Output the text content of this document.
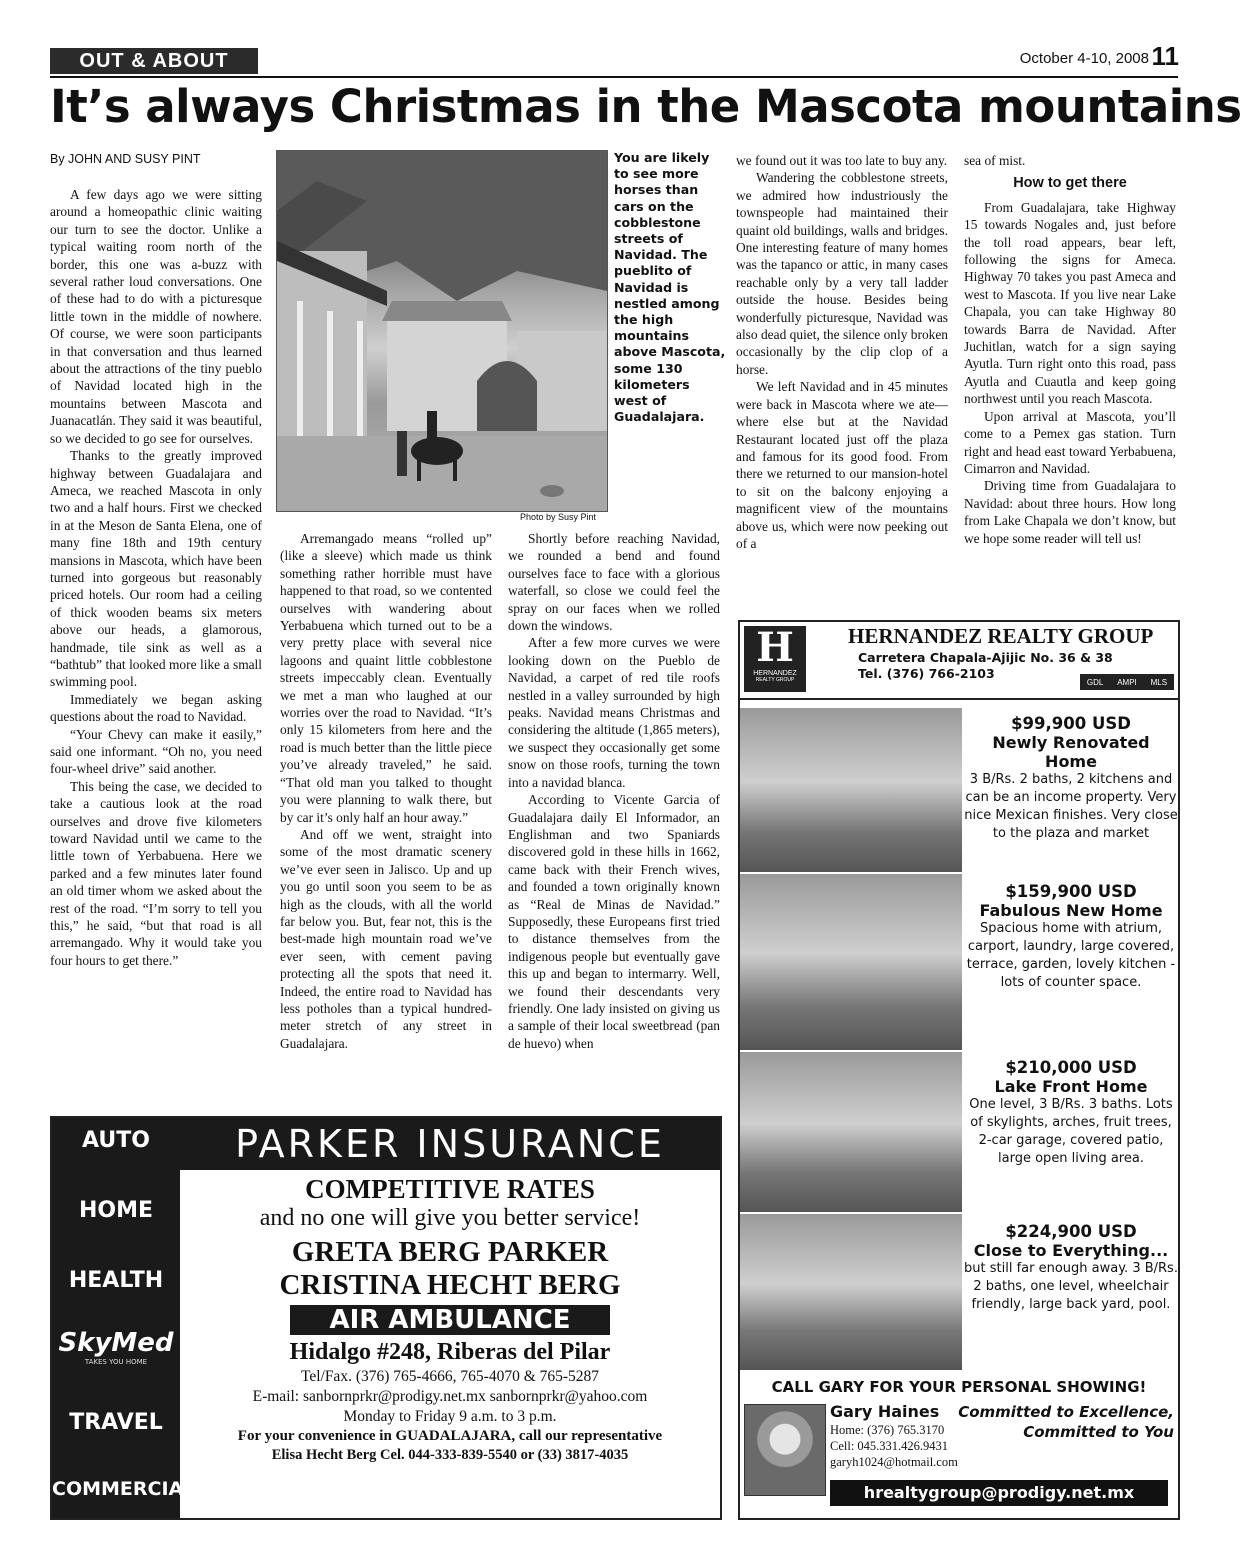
OUT & ABOUT	October 4-10, 2008 11
It’s always Christmas in the Mascota mountains
By JOHN AND SUSY PINT

A few days ago we were sitting around a homeopathic clinic waiting our turn to see the doctor. Unlike a typical waiting room north of the border, this one was a-buzz with several rather loud conversations. One of these had to do with a picturesque little town in the middle of nowhere. Of course, we were soon participants in that conversation and thus learned about the attractions of the tiny pueblo of Navidad located high in the mountains between Mascota and Juanacatlán. They said it was beautiful, so we decided to go see for ourselves.

Thanks to the greatly improved highway between Guadalajara and Ameca, we reached Mascota in only two and a half hours. First we checked in at the Meson de Santa Elena, one of many fine 18th and 19th century mansions in Mascota, which have been turned into gorgeous but reasonably priced hotels. Our room had a ceiling of thick wooden beams six meters above our heads, a glamorous, handmade, tile sink as well as a “bathtub” that looked more like a small swimming pool.

Immediately we began asking questions about the road to Navidad.

“Your Chevy can make it easily,” said one informant. “Oh no, you need four-wheel drive” said another.

This being the case, we decided to take a cautious look at the road ourselves and drove five kilometers toward Navidad until we came to the little town of Yerbabuena. Here we parked and a few minutes later found an old timer whom we asked about the rest of the road. “I’m sorry to tell you this,” he said, “but that road is all arremangado. Why it would take you four hours to get there.”

Photo by Susy Pint
You are likely to see more horses than cars on the cobblestone streets of Navidad. The pueblito of Navidad is nestled among the high mountains above Mascota, some 130 kilometers west of Guadalajara.

Arremangado means “rolled up” (like a sleeve) which made us think something rather horrible must have happened to that road, so we contented ourselves with wandering about Yerbabuena which turned out to be a very pretty place with several nice lagoons and quaint little cobblestone streets impeccably clean. Eventually we met a man who laughed at our worries over the road to Navidad. “It’s only 15 kilometers from here and the road is much better than the little piece you’ve already traveled,” he said. “That old man you talked to thought you were planning to walk there, but by car it’s only half an hour away.”

And off we went, straight into some of the most dramatic scenery we’ve ever seen in Jalisco. Up and up you go until soon you seem to be as high as the clouds, with all the world far below you. But, fear not, this is the best-made high mountain road we’ve ever seen, with cement paving protecting all the spots that need it. Indeed, the entire road to Navidad has less potholes than a typical hundred-meter stretch of any street in Guadalajara.

Shortly before reaching Navidad, we rounded a bend and found ourselves face to face with a glorious waterfall, so close we could feel the spray on our faces when we rolled down the windows.

After a few more curves we were looking down on the Pueblo de Navidad, a carpet of red tile roofs nestled in a valley surrounded by high peaks. Navidad means Christmas and considering the altitude (1,865 meters), we suspect they occasionally get some snow on those roofs, turning the town into a navidad blanca.

According to Vicente Garcia of Guadalajara daily El Informador, an Englishman and two Spaniards discovered gold in these hills in 1662, came back with their French wives, and founded a town originally known as “Real de Minas de Navidad.” Supposedly, these Europeans first tried to distance themselves from the indigenous people but eventually gave this up and began to intermarry. Well, we found their descendants very friendly. One lady insisted on giving us a sample of their local sweetbread (pan de huevo) when

we found out it was too late to buy any.

Wandering the cobblestone streets, we admired how industriously the townspeople had maintained their quaint old buildings, walls and bridges. One interesting feature of many homes was the tapanco or attic, in many cases reachable only by a very tall ladder outside the house. Besides being wonderfully picturesque, Navidad was also dead quiet, the silence only broken occasionally by the clip clop of a horse.

We left Navidad and in 45 minutes were back in Mascota where we ate—where else but at the Navidad Restaurant located just off the plaza and famous for its good food. From there we returned to our mansion-hotel to sit on the balcony enjoying a magnificent view of the mountains above us, which were now peeking out of a

sea of mist.

How to get there

From Guadalajara, take Highway 15 towards Nogales and, just before the toll road appears, bear left, following the signs for Ameca. Highway 70 takes you past Ameca and west to Mascota. If you live near Lake Chapala, you can take Highway 80 towards Barra de Navidad. After Juchitlan, watch for a sign saying Ayutla. Turn right onto this road, pass Ayutla and Cuautla and keep going northwest until you reach Mascota.

Upon arrival at Mascota, you’ll come to a Pemex gas station. Turn right and head east toward Yerbabuena, Cimarron and Navidad.

Driving time from Guadalajara to Navidad: about three hours. How long from Lake Chapala we don’t know, but we hope some reader will tell us!

AUTO
HOME
HEALTH
SkyMed
TAKES YOU HOME
TRAVEL
COMMERCIAL
PARKER INSURANCE
COMPETITIVE RATES
and no one will give you better service!
GRETA BERG PARKER
CRISTINA HECHT BERG
AIR AMBULANCE
Hidalgo #248, Riberas del Pilar
Tel/Fax. (376) 765-4666, 765-4070 & 765-5287
E-mail: sanbornprkr@prodigy.net.mx sanbornprkr@yahoo.com
Monday to Friday 9 a.m. to 3 p.m.
For your convenience in GUADALAJARA, call our representative
Elisa Hecht Berg Cel. 044-333-839-5540 or (33) 3817-4035
H
HERNANDEZ
REALTY GROUP
HERNANDEZ REALTY GROUP
Carretera Chapala-Ajijic No. 36 & 38
Tel. (376) 766-2103
GDL AMPI MLS
$99,900 USD
Newly Renovated Home
3 B/Rs. 2 baths, 2 kitchens and can be an income property. Very nice Mexican finishes. Very close to the plaza and market
$159,900 USD
Fabulous New Home
Spacious home with atrium, carport, laundry, large covered, terrace, garden, lovely kitchen - lots of counter space.
$210,000 USD
Lake Front Home
One level, 3 B/Rs. 3 baths. Lots of skylights, arches, fruit trees, 2-car garage, covered patio, large open living area.
$224,900 USD
Close to Everything...
but still far enough away. 3 B/Rs. 2 baths, one level, wheelchair friendly, large back yard, pool.
CALL GARY FOR YOUR PERSONAL SHOWING!
Gary Haines
Home: (376) 765.3170
Cell: 045.331.426.9431
garyh1024@hotmail.com
Committed to Excellence,
Committed to You
hrealtygroup@prodigy.net.mx
